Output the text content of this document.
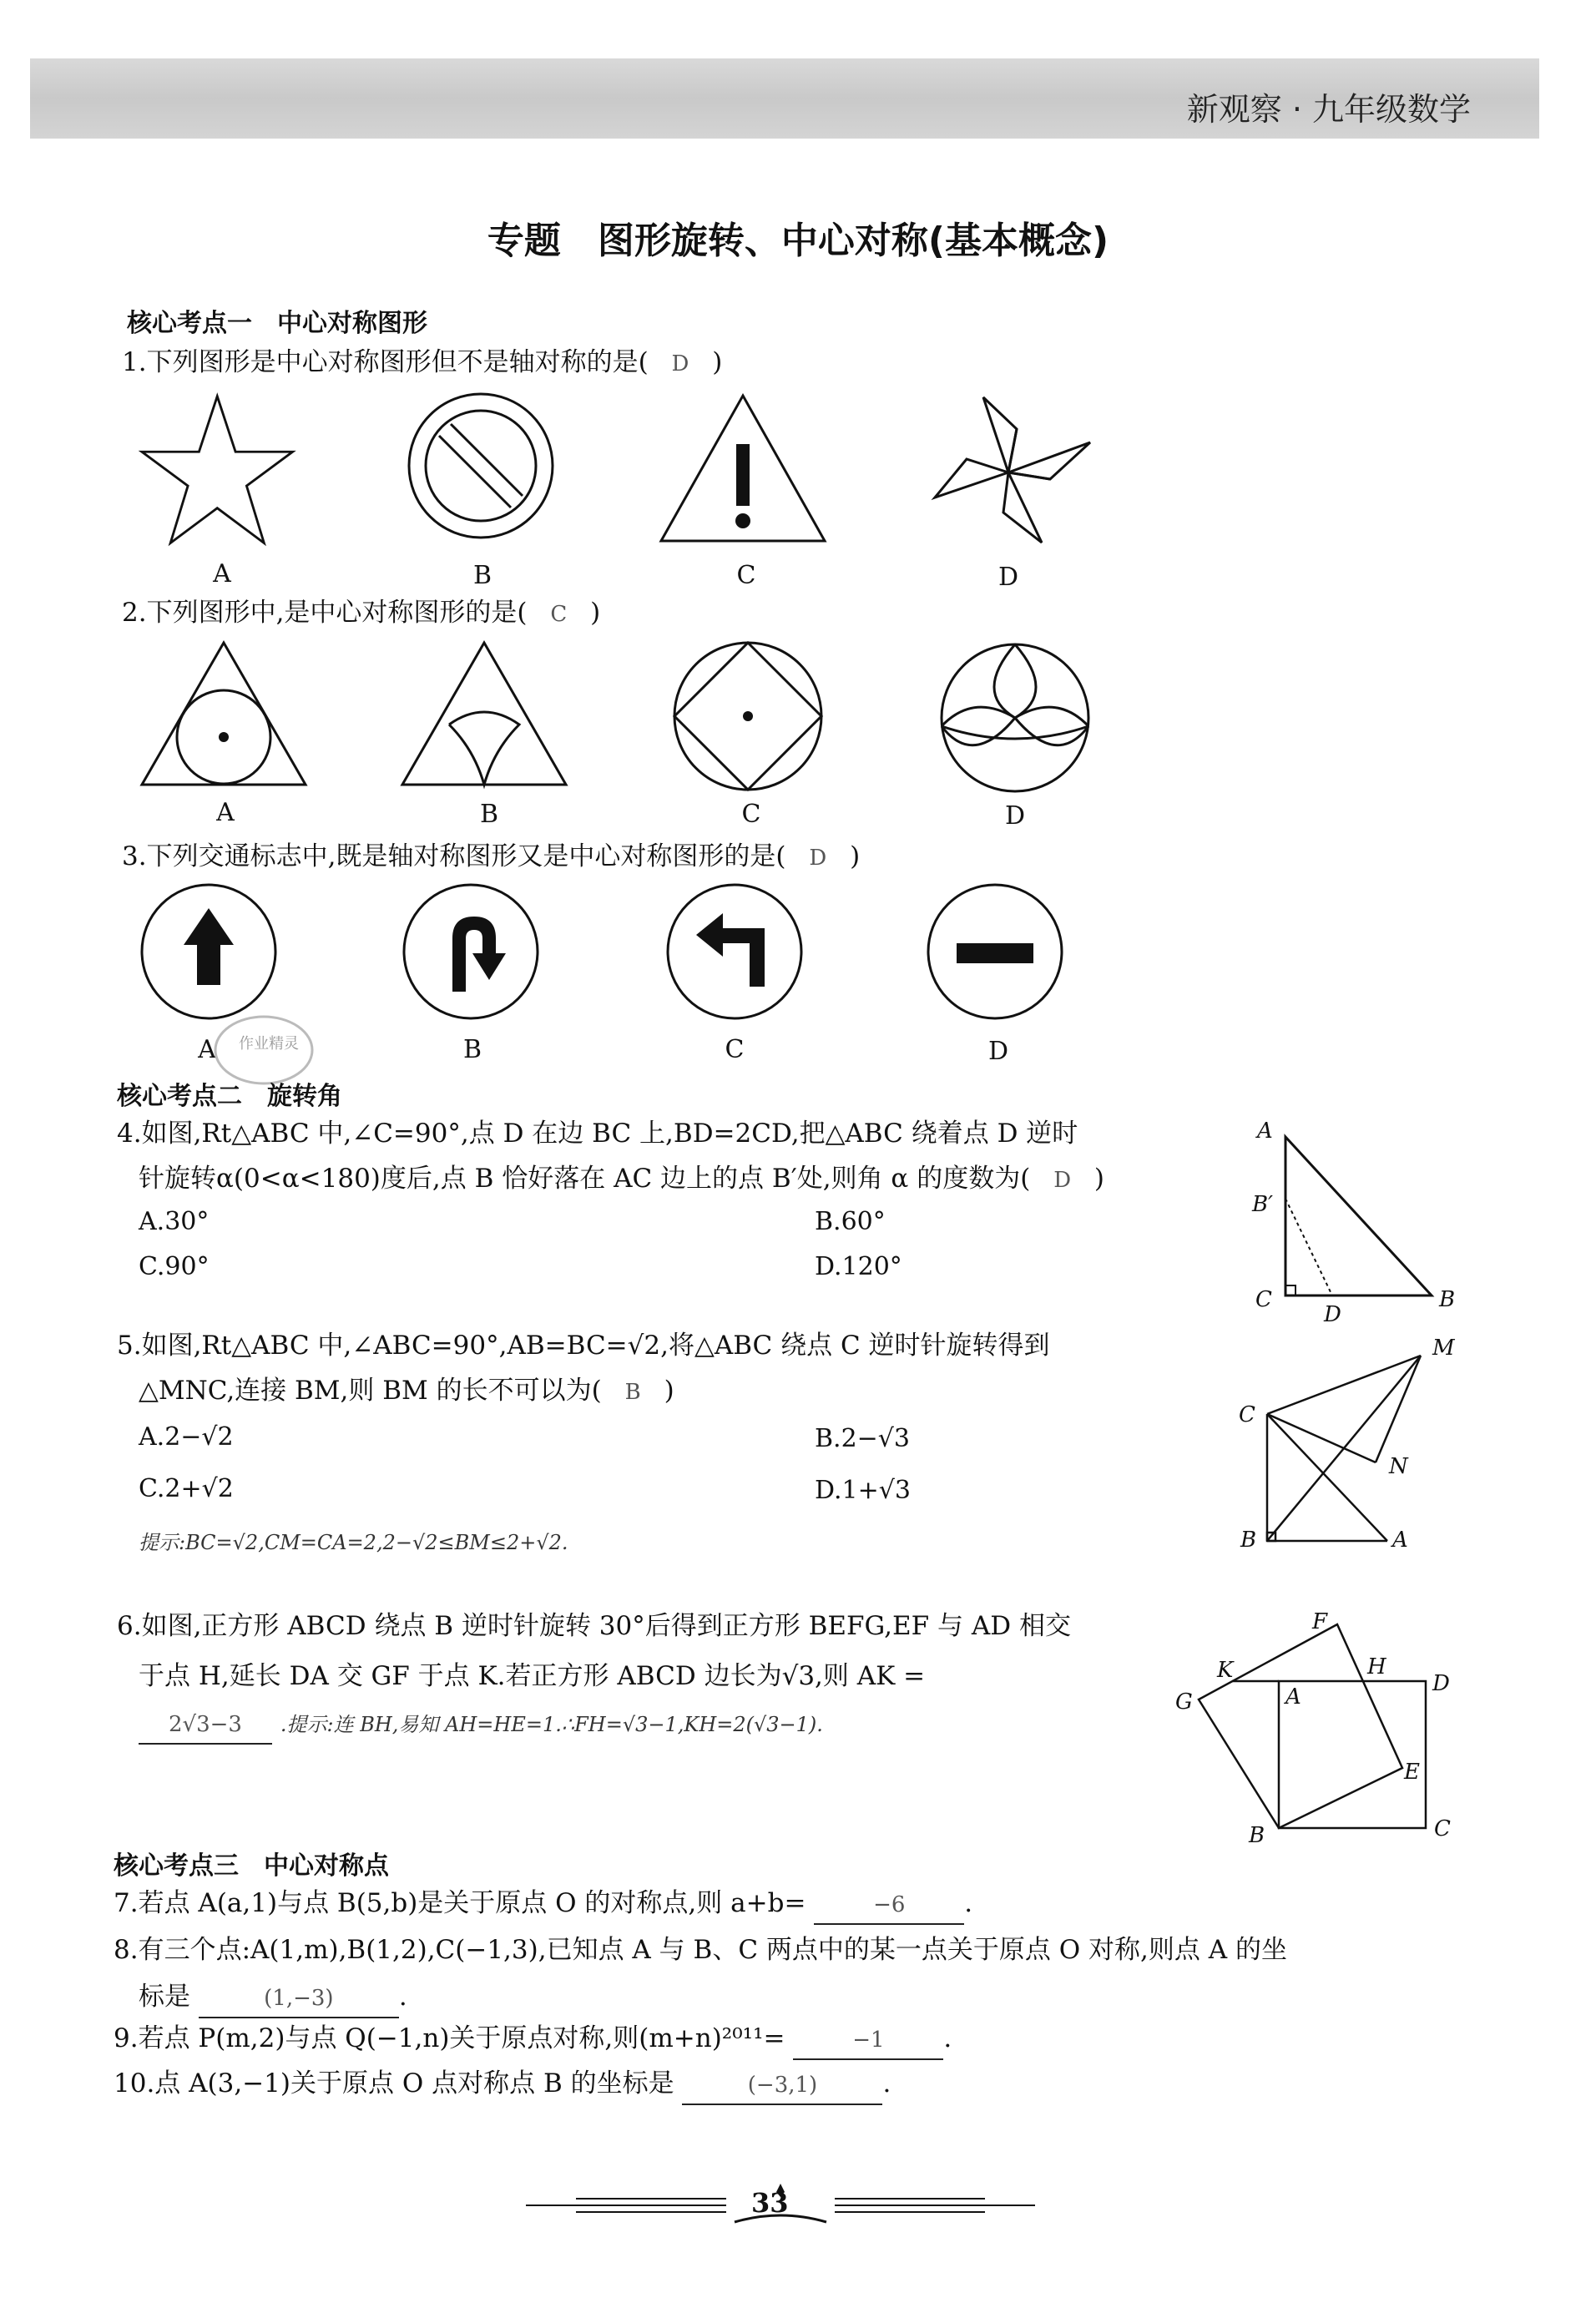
新观察 · 九年级数学
专题　图形旋转、中心对称(基本概念)
核心考点一　中心对称图形
1.下列图形是中心对称图形但不是轴对称的是( D )
A	B	C	D
2.下列图形中,是中心对称图形的是( C )
A	B	C	D
3.下列交通标志中,既是轴对称图形又是中心对称图形的是( D )
A	B	C	D
作业精灵
核心考点二　旋转角
4.如图,Rt△ABC 中,∠C=90°,点 D 在边 BC 上,BD=2CD,把△ABC 绕着点 D 逆时
针旋转α(0<α<180)度后,点 B 恰好落在 AC 边上的点 B′处,则角 α 的度数为( D )
A.30°	B.60°
C.90°	D.120°
A
B′
C
D
B
5.如图,Rt△ABC 中,∠ABC=90°,AB=BC=√2,将△ABC 绕点 C 逆时针旋转得到
△MNC,连接 BM,则 BM 的长不可以为( B )
A.2−√2	B.2−√3
C.2+√2	D.1+√3
提示:BC=√2,CM=CA=2,2−√2≤BM≤2+√2.
M
C
N
B	A
6.如图,正方形 ABCD 绕点 B 逆时针旋转 30°后得到正方形 BEFG,EF 与 AD 相交
于点 H,延长 DA 交 GF 于点 K.若正方形 ABCD 边长为√3,则 AK =
2√3−3 .提示:连 BH,易知 AH=HE=1.∴FH=√3−1,KH=2(√3−1).
F
K	H
D
G	A
E
B	C
核心考点三　中心对称点
7.若点 A(a,1)与点 B(5,b)是关于原点 O 的对称点,则 a+b=	−6 .
8.有三个点:A(1,m),B(1,2),C(−1,3),已知点 A 与 B、C 两点中的某一点关于原点 O 对称,则点 A 的坐
标是	(1,−3)	.
9.若点 P(m,2)与点 Q(−1,n)关于原点对称,则(m+n)²⁰¹¹=	−1 .
10.点 A(3,−1)关于原点 O 点对称点 B 的坐标是	(−3,1)	.
33
